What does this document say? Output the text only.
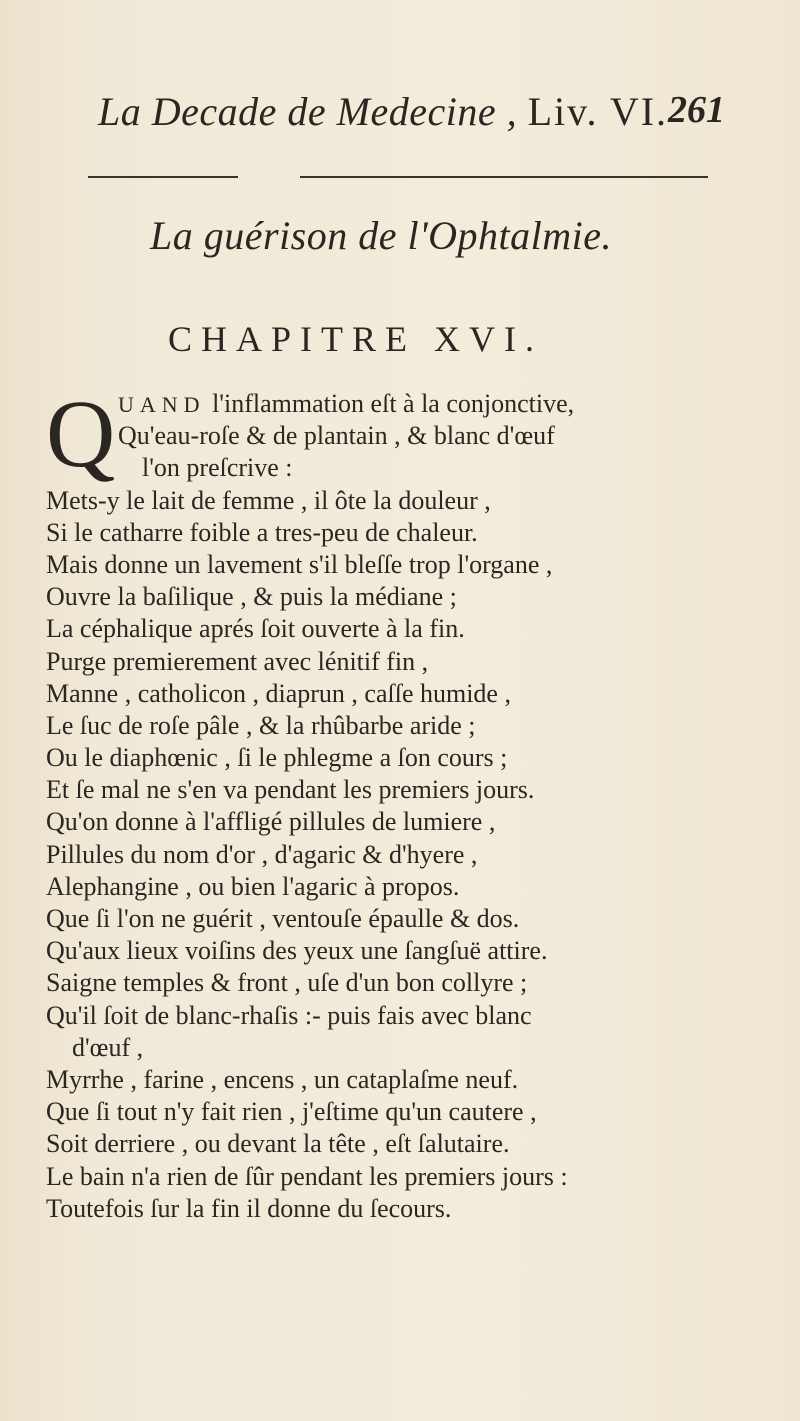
La Decade de Medecine , Liv. VI. 261
La guérison de l'Ophtalmie.
CHAPITRE XVI.
Q UAND l'inflammation eſt à la conjonctive,
Qu'eau-roſe & de plantain , & blanc d'œuf
l'on preſcrive :
Mets-y le lait de femme , il ôte la douleur ,
Si le catharre foible a tres-peu de chaleur.
Mais donne un lavement s'il bleſſe trop l'organe ,
Ouvre la baſilique , & puis la médiane ;
La céphalique aprés ſoit ouverte à la fin.
Purge premierement avec lénitif fin ,
Manne , catholicon , diaprun , caſſe humide ,
Le ſuc de roſe pâle , & la rhûbarbe aride ;
Ou le diaphœnic , ſi le phlegme a ſon cours ;
Et ſe mal ne s'en va pendant les premiers jours.
Qu'on donne à l'affligé pillules de lumiere ,
Pillules du nom d'or , d'agaric & d'hyere ,
Alephangine , ou bien l'agaric à propos.
Que ſi l'on ne guérit , ventouſe épaulle & dos.
Qu'aux lieux voiſins des yeux une ſangſuë attire.
Saigne temples & front , uſe d'un bon collyre ;
Qu'il ſoit de blanc-rhaſis :- puis fais avec blanc
d'œuf ,
Myrrhe , farine , encens , un cataplaſme neuf.
Que ſi tout n'y fait rien , j'eſtime qu'un cautere ,
Soit derriere , ou devant la tête , eſt ſalutaire.
Le bain n'a rien de ſûr pendant les premiers jours :
Toutefois ſur la fin il donne du ſecours.
